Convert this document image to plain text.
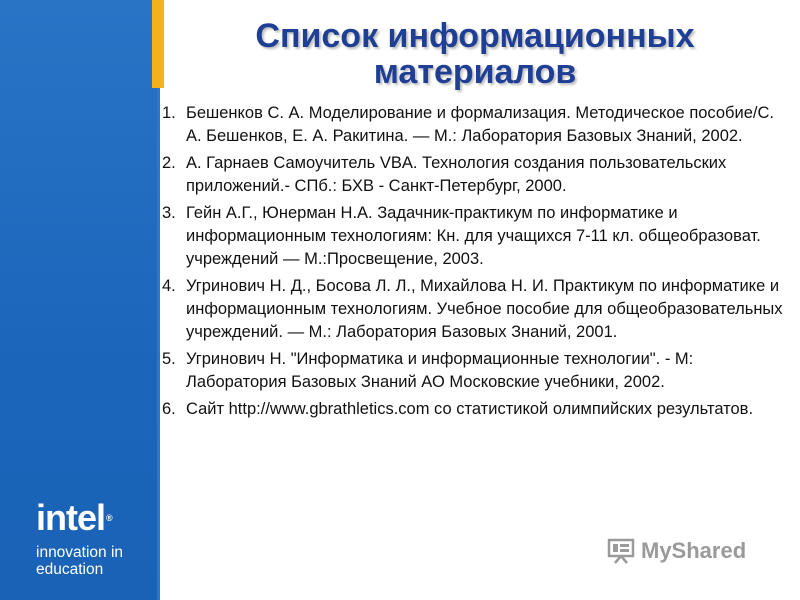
intel®
innovation in
education
Список информационных
материалов
1. Бешенков С. А. Моделирование и формализация. Методическое пособие/С. А. Бешенков, Е. А. Ракитина. — М.: Лаборатория Базовых Знаний, 2002.
2. А. Гарнаев Самоучитель VBA. Технология создания пользовательских приложений.- СПб.: БХВ - Санкт-Петербург, 2000.
3. Гейн А.Г., Юнерман Н.А. Задачник-практикум по информатике и информационным технологиям: Кн. для учащихся 7-11 кл. общеобразоват. учреждений — М.:Просвещение, 2003.
4. Угринович Н. Д., Босова Л. Л., Михайлова Н. И. Практикум по информатике и информационным технологиям. Учебное пособие для общеобразовательных учреждений. — М.: Лаборатория Базовых Знаний, 2001.
5. Угринович Н. "Информатика и информационные технологии". - М: Лаборатория Базовых Знаний АО Московские учебники, 2002.
6. Сайт http://www.gbrathletics.com со статистикой олимпийских результатов.
MyShared
